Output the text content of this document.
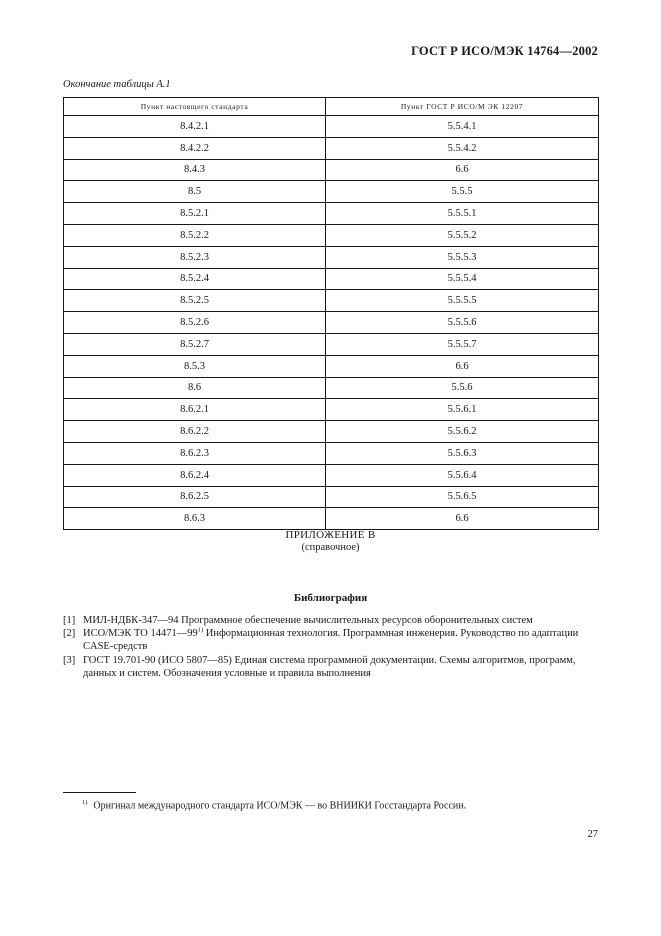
ГОСТ Р ИСО/МЭК 14764—2002
Окончание таблицы А.1
Пункт настоящего стандарта	Пункт ГОСТ Р ИСО/М ЭК 12207
8.4.2.1	5.5.4.1
8.4.2.2	5.5.4.2
8.4.3	6.6
8.5	5.5.5
8.5.2.1	5.5.5.1
8.5.2.2	5.5.5.2
8.5.2.3	5.5.5.3
8.5.2.4	5.5.5.4
8.5.2.5	5.5.5.5
8.5.2.6	5.5.5.6
8.5.2.7	5.5.5.7
8.5.3	6.6
8.6	5.5.6
8.6.2.1	5.5.6.1
8.6.2.2	5.5.6.2
8.6.2.3	5.5.6.3
8.6.2.4	5.5.6.4
8.6.2.5	5.5.6.5
8.6.3	6.6
ПРИЛОЖЕНИЕ В
(справочное)
Библиография
[1] МИЛ-НДБК-347—94 Программное обеспечение вычислительных ресурсов оборонительных систем
[2] ИСО/МЭК ТО 14471—99$^{1)}$ Информационная технология. Программная инженерия. Руководство по адаптации CASE-средств
[3] ГОСТ 19.701-90 (ИСО 5807—85) Единая система программной документации. Схемы алгоритмов, программ, данных и систем. Обозначения условные и правила выполнения
$^{1)}$ Оригинал международного стандарта ИСО/МЭК — во ВНИИКИ Госстандарта России.
27
